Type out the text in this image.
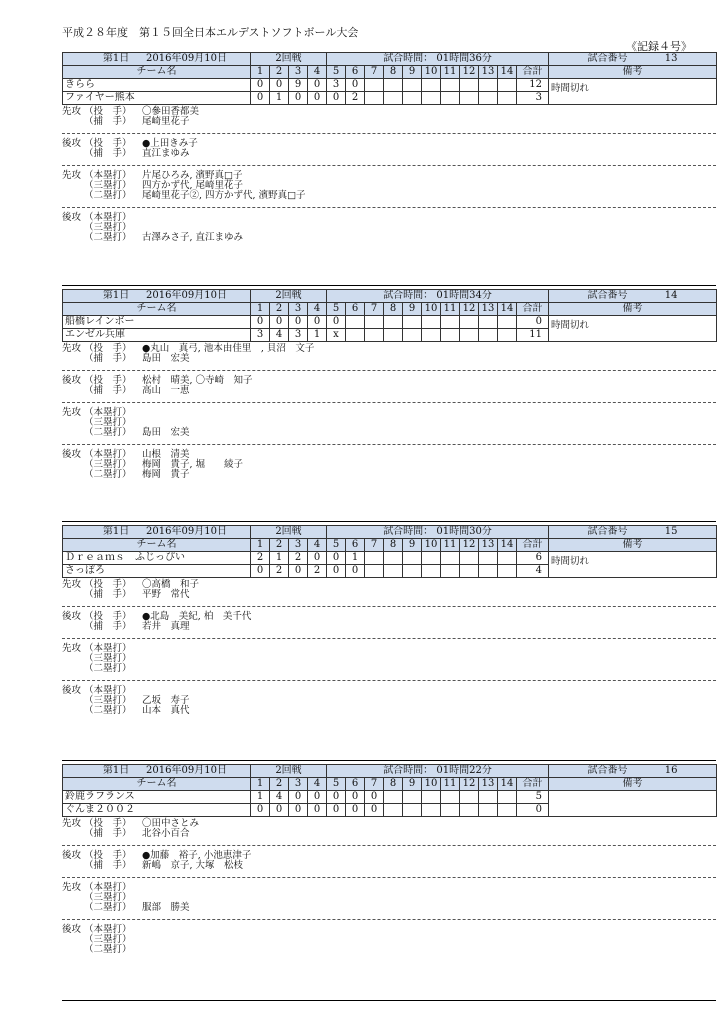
平成２８年度　第１５回全日本エルデストソフトボール大会
《記録４号》
第1日 2016年09月10日	2回戦				試合時間： 01時間36分											試合番号 13
チーム名	1	2	3	4	5	6	7	8	9	10	11	12	13	14	合計	備考
きらら	0	0	9	0	3	0									12	時間切れ
ファイヤー熊本	0	1	0	0	0	2									3	
先攻 （投　手）	〇參田香都美
（捕　手）	尾崎里花子
後攻 （投　手）	●上田きみ子
（捕　手）	直江まゆみ
先攻 （本塁打）	片尾ひろみ, 濱野真□子
（三塁打）	四方かず代, 尾崎里花子
（二塁打）	尾崎里花子②, 四方かず代, 濱野真□子
後攻 （本塁打）
（三塁打）
（二塁打）	古澤みさ子, 直江まゆみ
第1日 2016年09月10日	2回戦				試合時間： 01時間34分											試合番号 14
チーム名	1	2	3	4	5	6	7	8	9	10	11	12	13	14	合計	備考
船橋レインボー	0	0	0	0	0										0	時間切れ
エンゼル兵庫	3	4	3	1	x										11	
先攻 （投　手）	●丸山　真弓, 池本由佳里　, 貝沼　文子
（捕　手）	島田　宏美
後攻 （投　手）	松村　晴美, 〇寺崎　知子
（捕　手）	高山　一恵
先攻 （本塁打）
（三塁打）
（二塁打）	島田　宏美
後攻 （本塁打）	山根　清美
（三塁打）	梅岡　貴子, 堀　　綾子
（二塁打）	梅岡　貴子
第1日 2016年09月10日	2回戦				試合時間： 01時間30分											試合番号 15
チーム名	1	2	3	4	5	6	7	8	9	10	11	12	13	14	合計	備考
Ｄｒｅａｍｓ　ふじっぴい	2	1	2	0	0	1									6	時間切れ
さっぽろ	0	2	0	2	0	0									4	
先攻 （投　手）	〇高橋　和子
（捕　手）	平野　常代
後攻 （投　手）	●北島　美紀, 柏　美千代
（捕　手）	若井　真理
先攻 （本塁打）
（三塁打）
（二塁打）
後攻 （本塁打）
（三塁打）	乙坂　寿子
（二塁打）	山本　真代
第1日 2016年09月10日	2回戦				試合時間： 01時間22分											試合番号 16
チーム名	1	2	3	4	5	6	7	8	9	10	11	12	13	14	合計	備考
鈴鹿ラフランス	1	4	0	0	0	0	0								5	
ぐんま２００２	0	0	0	0	0	0	0								0	
先攻 （投　手）	〇田中さとみ
（捕　手）	北谷小百合
後攻 （投　手）	●加藤　裕子, 小池恵津子
（捕　手）	新嶋　京子, 大塚　松枝
先攻 （本塁打）
（三塁打）
（二塁打）	服部　勝美
後攻 （本塁打）
（三塁打）
（二塁打）
